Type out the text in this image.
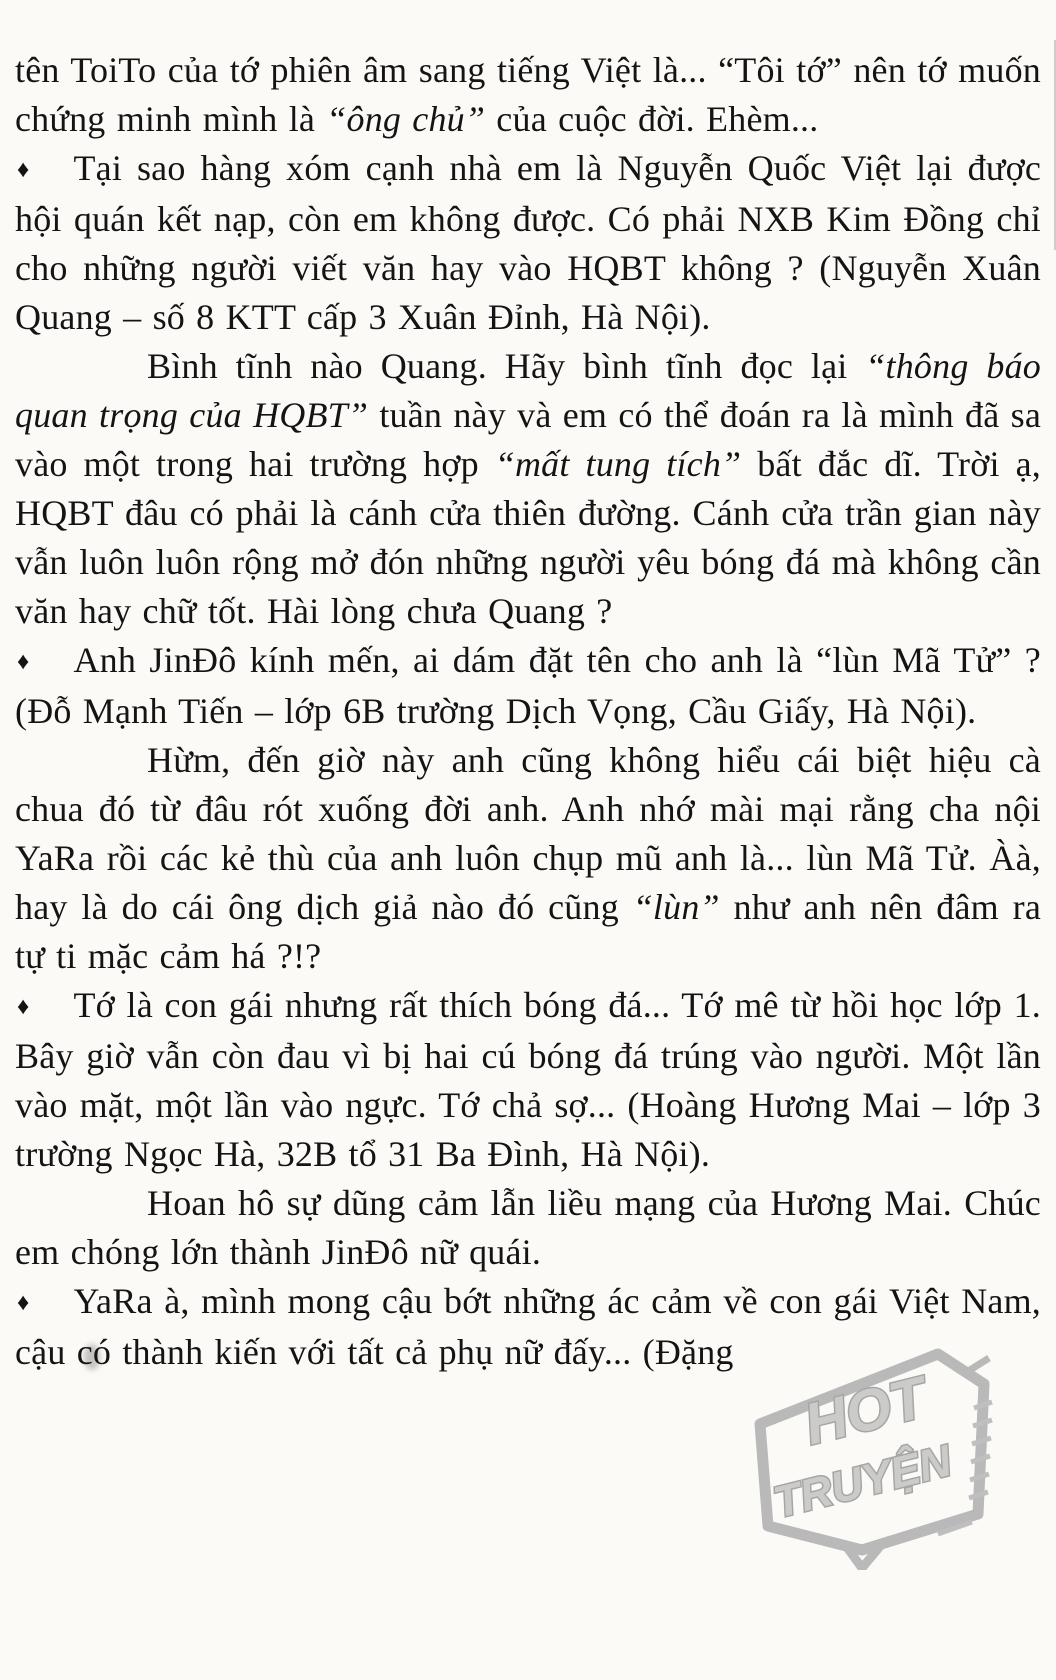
HOT
TRUYỆN

tên ToiTo của tớ phiên âm sang tiếng Việt là... “Tôi tớ” nên tớ muốn chứng minh mình là “ông chủ” của cuộc đời. Ehèm...

♦ Tại sao hàng xóm cạnh nhà em là Nguyễn Quốc Việt lại được hội quán kết nạp, còn em không được. Có phải NXB Kim Đồng chỉ cho những người viết văn hay vào HQBT không ? (Nguyễn Xuân Quang – số 8 KTT cấp 3 Xuân Đỉnh, Hà Nội).

Bình tĩnh nào Quang. Hãy bình tĩnh đọc lại “thông báo quan trọng của HQBT” tuần này và em có thể đoán ra là mình đã sa vào một trong hai trường hợp “mất tung tích” bất đắc dĩ. Trời ạ, HQBT đâu có phải là cánh cửa thiên đường. Cánh cửa trần gian này vẫn luôn luôn rộng mở đón những người yêu bóng đá mà không cần văn hay chữ tốt. Hài lòng chưa Quang ?

♦ Anh JinĐô kính mến, ai dám đặt tên cho anh là “lùn Mã Tử” ? (Đỗ Mạnh Tiến – lớp 6B trường Dịch Vọng, Cầu Giấy, Hà Nội).

Hừm, đến giờ này anh cũng không hiểu cái biệt hiệu cà chua đó từ đâu rót xuống đời anh. Anh nhớ mài mại rằng cha nội YaRa rồi các kẻ thù của anh luôn chụp mũ anh là... lùn Mã Tử. Àà, hay là do cái ông dịch giả nào đó cũng “lùn” như anh nên đâm ra tự ti mặc cảm há ?!?

♦ Tớ là con gái nhưng rất thích bóng đá... Tớ mê từ hồi học lớp 1. Bây giờ vẫn còn đau vì bị hai cú bóng đá trúng vào người. Một lần vào mặt, một lần vào ngực. Tớ chả sợ... (Hoàng Hương Mai – lớp 3 trường Ngọc Hà, 32B tổ 31 Ba Đình, Hà Nội).

Hoan hô sự dũng cảm lẫn liều mạng của Hương Mai. Chúc em chóng lớn thành JinĐô nữ quái.

♦ YaRa à, mình mong cậu bớt những ác cảm về con gái Việt Nam, cậu có thành kiến với tất cả phụ nữ đấy... (Đặng
